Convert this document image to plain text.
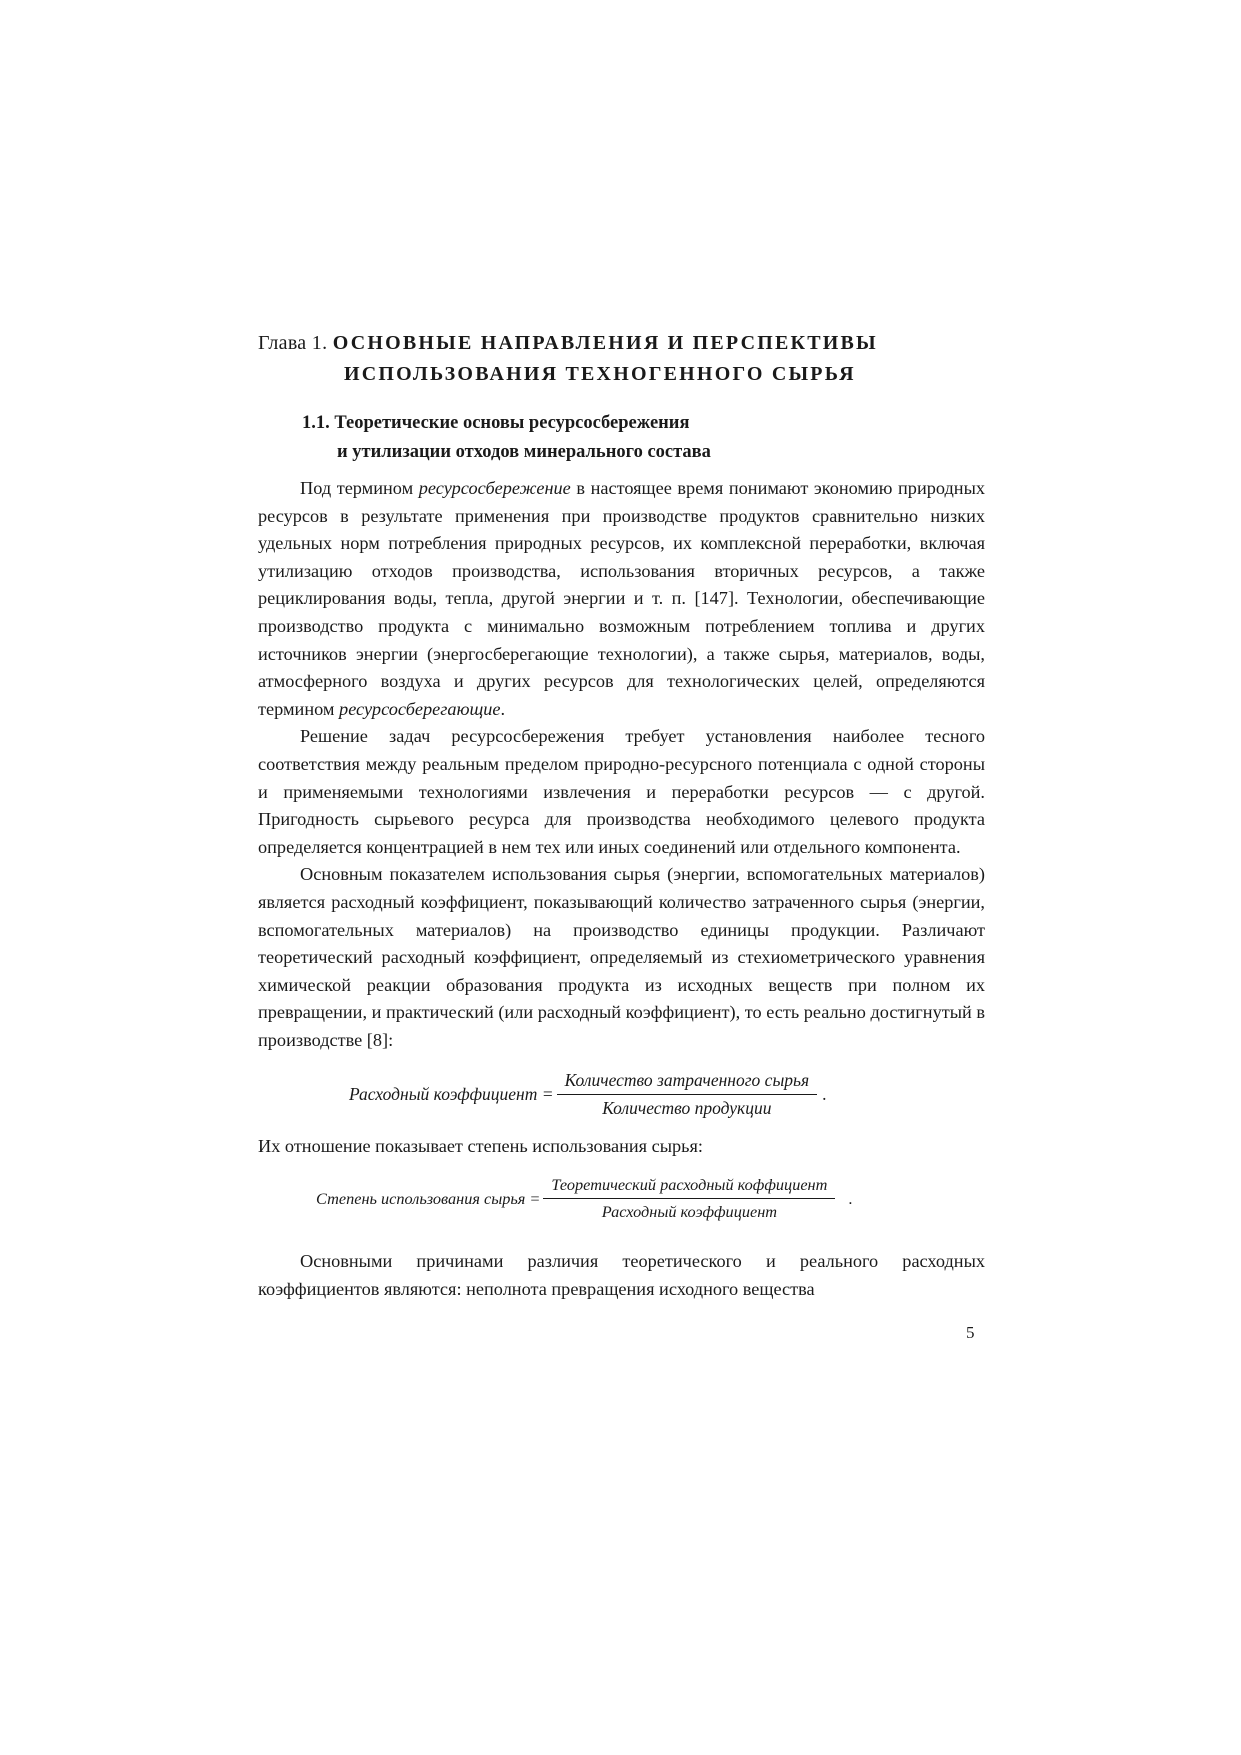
Глава 1. ОСНОВНЫЕ НАПРАВЛЕНИЯ И ПЕРСПЕКТИВЫ
ИСПОЛЬЗОВАНИЯ ТЕХНОГЕННОГО СЫРЬЯ
1.1. Теоретические основы ресурсосбережения
и утилизации отходов минерального состава

Под термином ресурсосбережение в настоящее время понимают экономию природных ресурсов в результате применения при производстве продуктов сравнительно низких удельных норм потребления природных ресурсов, их комплексной переработки, включая утилизацию отходов производства, использования вторичных ресурсов, а также рециклирования воды, тепла, другой энергии и т. п. [147]. Технологии, обеспечивающие производство продукта с минимально возможным потреблением топлива и других источников энергии (энергосберегающие технологии), а также сырья, материалов, воды, атмосферного воздуха и других ресурсов для технологических целей, определяются термином ресурсосберегающие.

Решение задач ресурсосбережения требует установления наиболее тесного соответствия между реальным пределом природно-ресурсного потенциала с одной стороны и применяемыми технологиями извлечения и переработки ресурсов — с другой. Пригодность сырьевого ресурса для производства необходимого целевого продукта определяется концентрацией в нем тех или иных соединений или отдельного компонента.

Основным показателем использования сырья (энергии, вспомогательных материалов) является расходный коэффициент, показывающий количество затраченного сырья (энергии, вспомогательных материалов) на производство единицы продукции. Различают теоретический расходный коэффициент, определяемый из стехиометрического уравнения химической реакции образования продукта из исходных веществ при полном их превращении, и практический (или расходный коэффициент), то есть реально достигнутый в производстве [8]:

Расходный коэффициент = $\frac{\text{Количество затраченного сырья}}{\text{Количество продукции}}$ .

Их отношение показывает степень использования сырья:

Степень использования сырья = $\frac{\text{Теоретический расходный коффициент}}{\text{Расходный коэффициент}}$ .

Основными причинами различия теоретического и реального расходных коэффициентов являются: неполнота превращения исходного вещества

5
